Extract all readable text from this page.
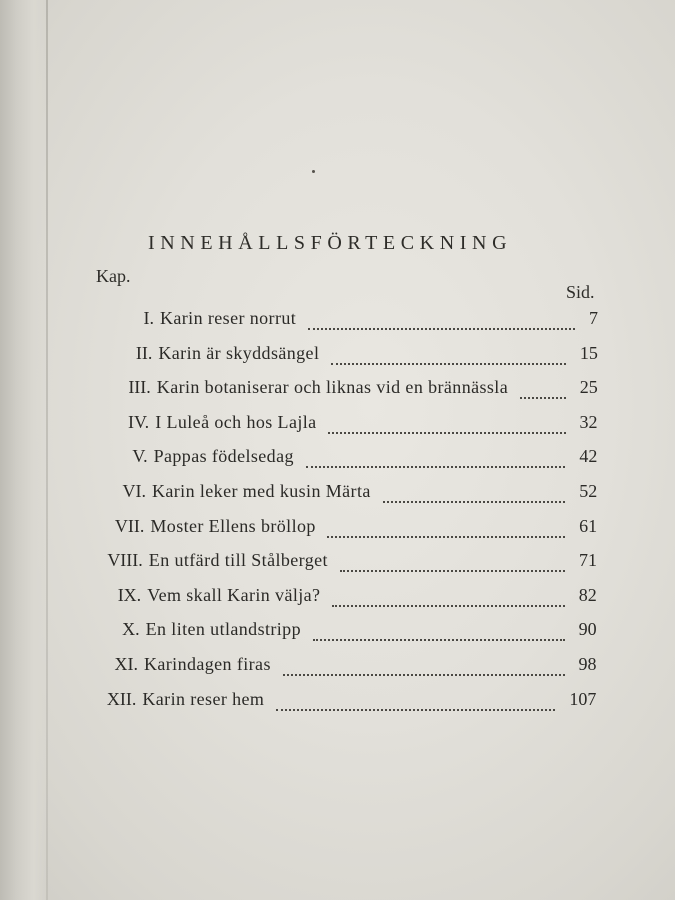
INNEHÅLLSFÖRTECKNING
Kap.
Sid.
I. Karin reser norrut	7
II. Karin är skyddsängel	15
III. Karin botaniserar och liknas vid en brännässla	25
IV. I Luleå och hos Lajla	32
V. Pappas födelsedag	42
VI. Karin leker med kusin Märta	52
VII. Moster Ellens bröllop	61
VIII. En utfärd till Stålberget	71
IX. Vem skall Karin välja?	82
X. En liten utlandstripp	90
XI. Karindagen firas	98
XII. Karin reser hem	107
